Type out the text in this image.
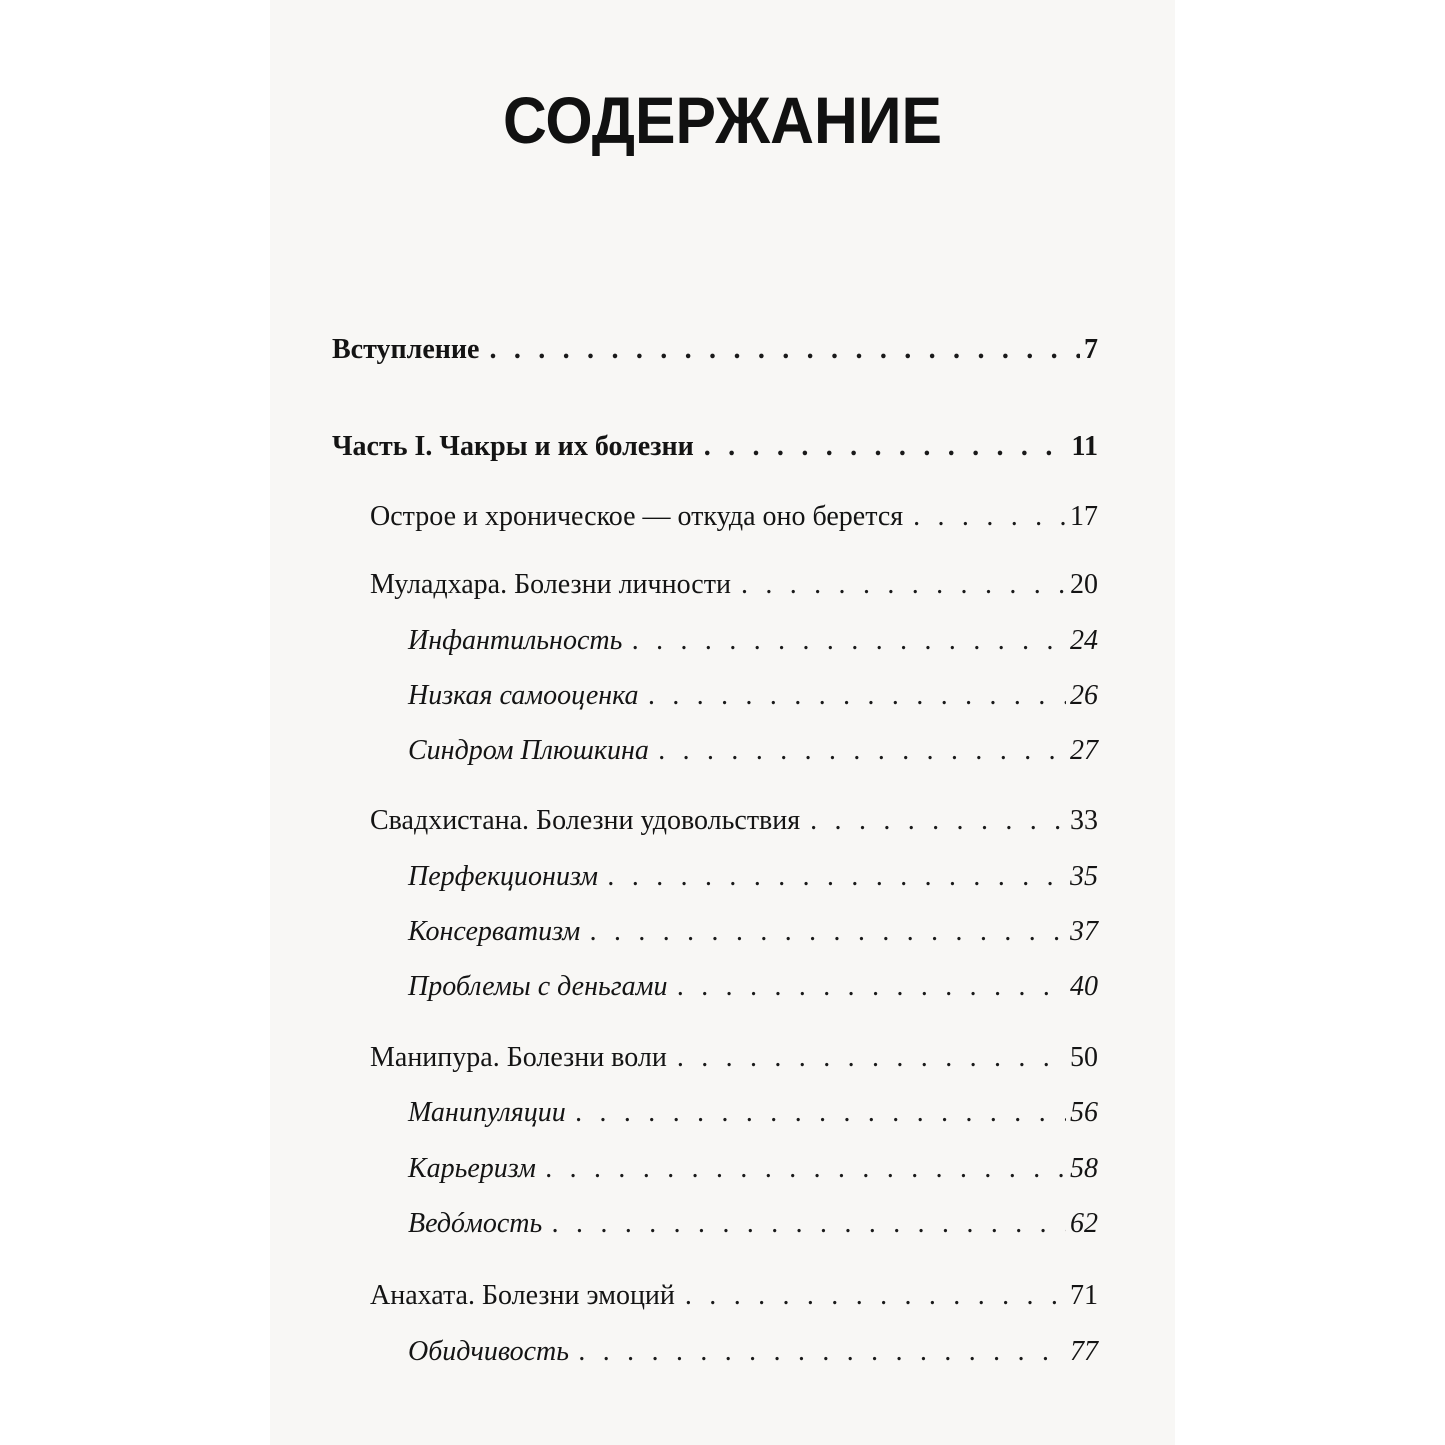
СОДЕРЖАНИЕ
Вступление . . .	7
Часть I. Чакры и их болезни . . .	11
Острое и хроническое — откуда оно берется . . .	17
Муладхара. Болезни личности . . .	20
Инфантильность . . .	24
Низкая самооценка . . .	26
Синдром Плюшкина . . .	27
Свадхистана. Болезни удовольствия . . .	33
Перфекционизм . . .	35
Консерватизм . . .	37
Проблемы с деньгами . . .	40
Манипура. Болезни воли . . .	50
Манипуляции . . .	56
Карьеризм . . .	58
Ведóмость . . .	62
Анахата. Болезни эмоций . . .	71
Обидчивость . . .	77
